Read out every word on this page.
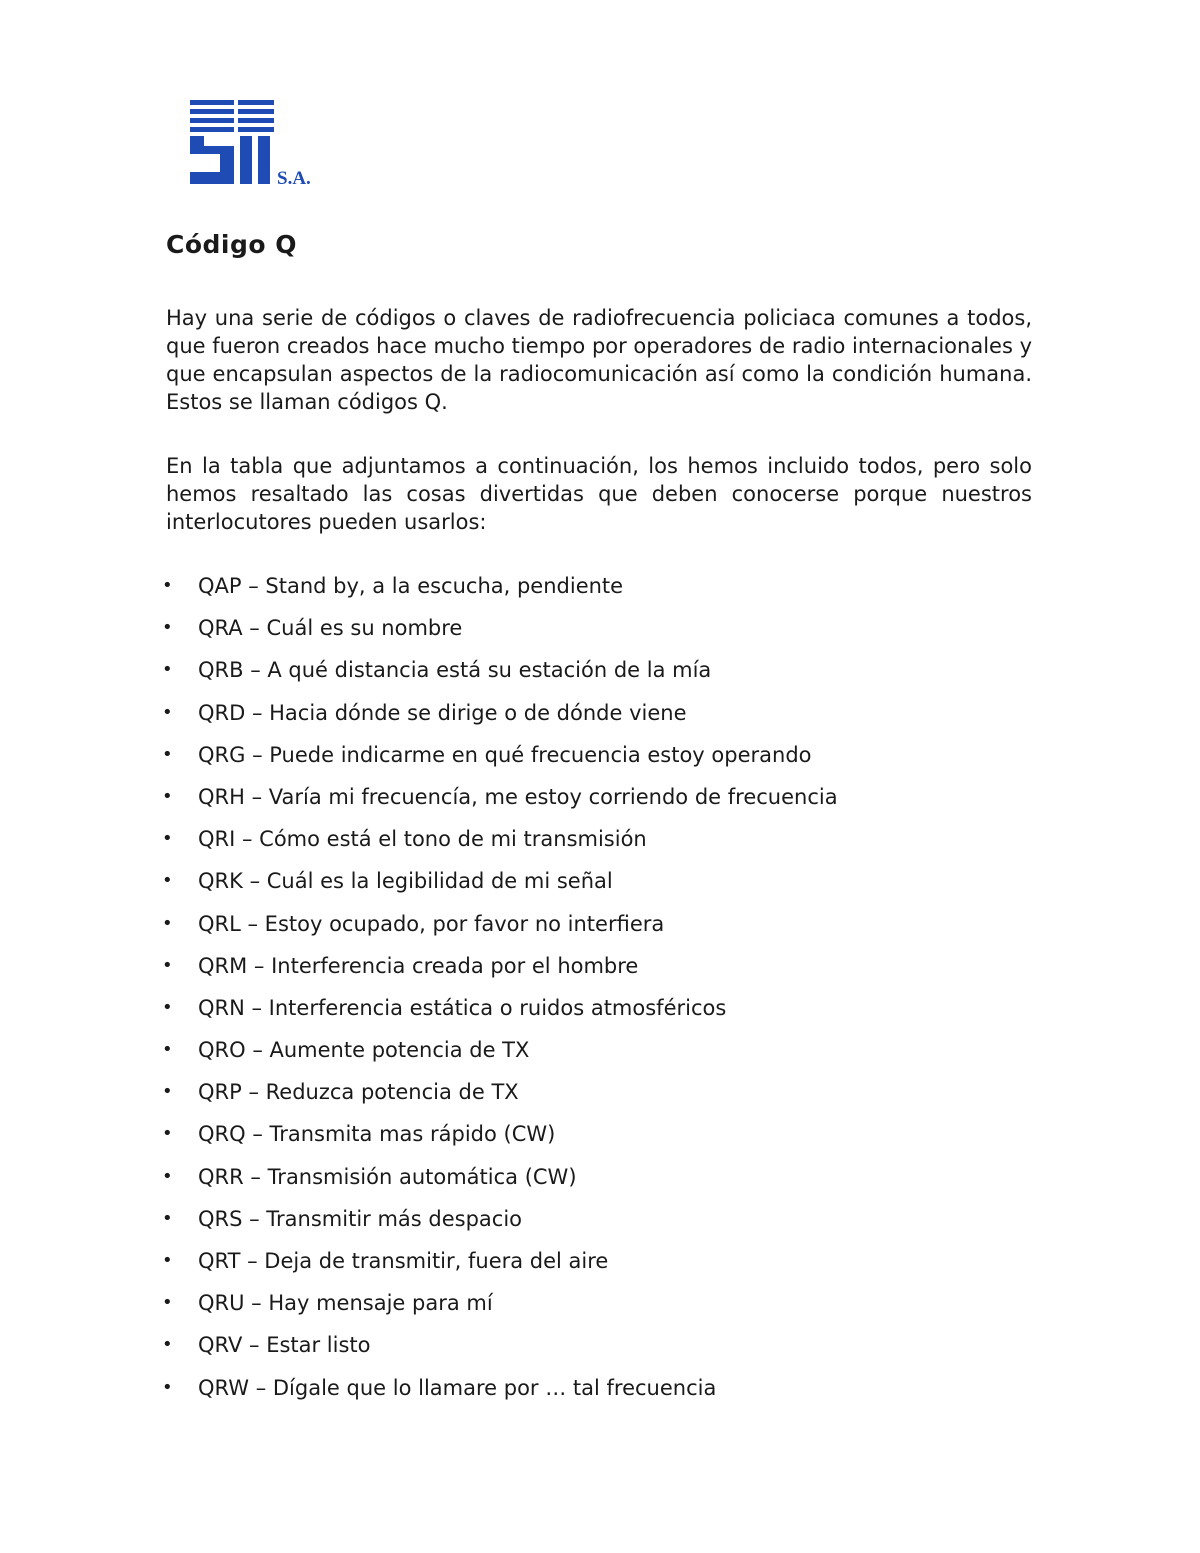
S.A.
Código Q

Hay una serie de códigos o claves de radiofrecuencia policiaca comunes a todos, que fueron creados hace mucho tiempo por operadores de radio internacionales y que encapsulan aspectos de la radiocomunicación así como la condición humana. Estos se llaman códigos Q.

En la tabla que adjuntamos a continuación, los hemos incluido todos, pero solo hemos resaltado las cosas divertidas que deben conocerse porque nuestros interlocutores pueden usarlos:

• QAP – Stand by, a la escucha, pendiente
• QRA – Cuál es su nombre
• QRB – A qué distancia está su estación de la mía
• QRD – Hacia dónde se dirige o de dónde viene
• QRG – Puede indicarme en qué frecuencia estoy operando
• QRH – Varía mi frecuencía, me estoy corriendo de frecuencia
• QRI – Cómo está el tono de mi transmisión
• QRK – Cuál es la legibilidad de mi señal
• QRL – Estoy ocupado, por favor no interfiera
• QRM – Interferencia creada por el hombre
• QRN – Interferencia estática o ruidos atmosféricos
• QRO – Aumente potencia de TX
• QRP – Reduzca potencia de TX
• QRQ – Transmita mas rápido (CW)
• QRR – Transmisión automática (CW)
• QRS – Transmitir más despacio
• QRT – Deja de transmitir, fuera del aire
• QRU – Hay mensaje para mí
• QRV – Estar listo
• QRW – Dígale que lo llamare por … tal frecuencia
